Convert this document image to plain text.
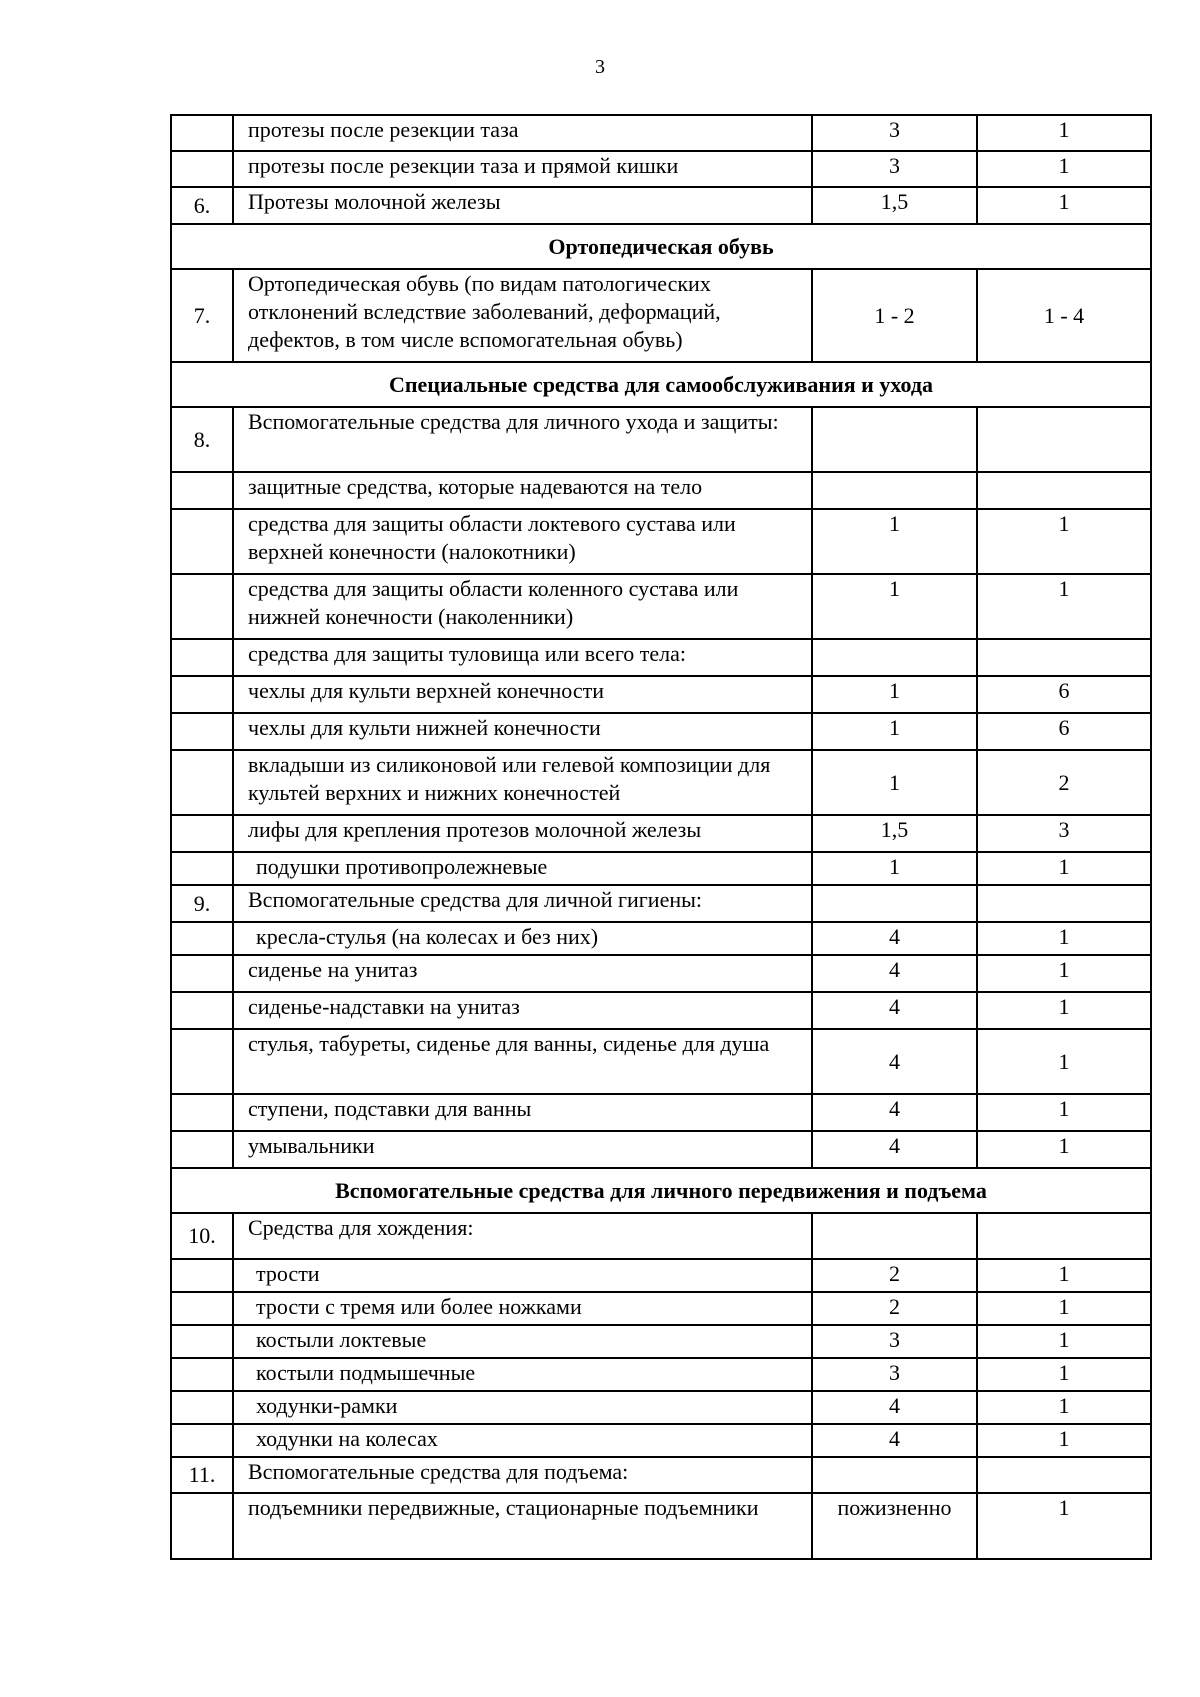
3
	протезы после резекции таза	3	1
	протезы после резекции таза и прямой кишки	3	1
6.	Протезы молочной железы	1,5	1
Ортопедическая обувь			
7.	Ортопедическая обувь (по видам патологических отклонений вследствие заболеваний, деформаций, дефектов, в том числе вспомогательная обувь)	1 - 2	1 - 4
Специальные средства для самообслуживания и ухода			
8.	Вспомогательные средства для личного ухода и защиты:		
	защитные средства, которые надеваются на тело		
	средства для защиты области локтевого сустава или верхней конечности (налокотники)	1	1
	средства для защиты области коленного сустава или нижней конечности (наколенники)	1	1
	средства для защиты туловища или всего тела:		
	чехлы для культи верхней конечности	1	6
	чехлы для культи нижней конечности	1	6
	вкладыши из силиконовой или гелевой композиции для культей верхних и нижних конечностей	1	2
	лифы для крепления протезов молочной железы	1,5	3
	подушки противопролежневые	1	1
9.	Вспомогательные средства для личной гигиены:		
	кресла-стулья (на колесах и без них)	4	1
	сиденье на унитаз	4	1
	сиденье-надставки на унитаз	4	1
	стулья, табуреты, сиденье для ванны, сиденье для душа	4	1
	ступени, подставки для ванны	4	1
	умывальники	4	1
Вспомогательные средства для личного передвижения и подъема			
10.	Средства для хождения:		
	трости	2	1
	трости с тремя или более ножками	2	1
	костыли локтевые	3	1
	костыли подмышечные	3	1
	ходунки-рамки	4	1
	ходунки на колесах	4	1
11.	Вспомогательные средства для подъема:		
	подъемники передвижные, стационарные подъемники	пожизненно	1
